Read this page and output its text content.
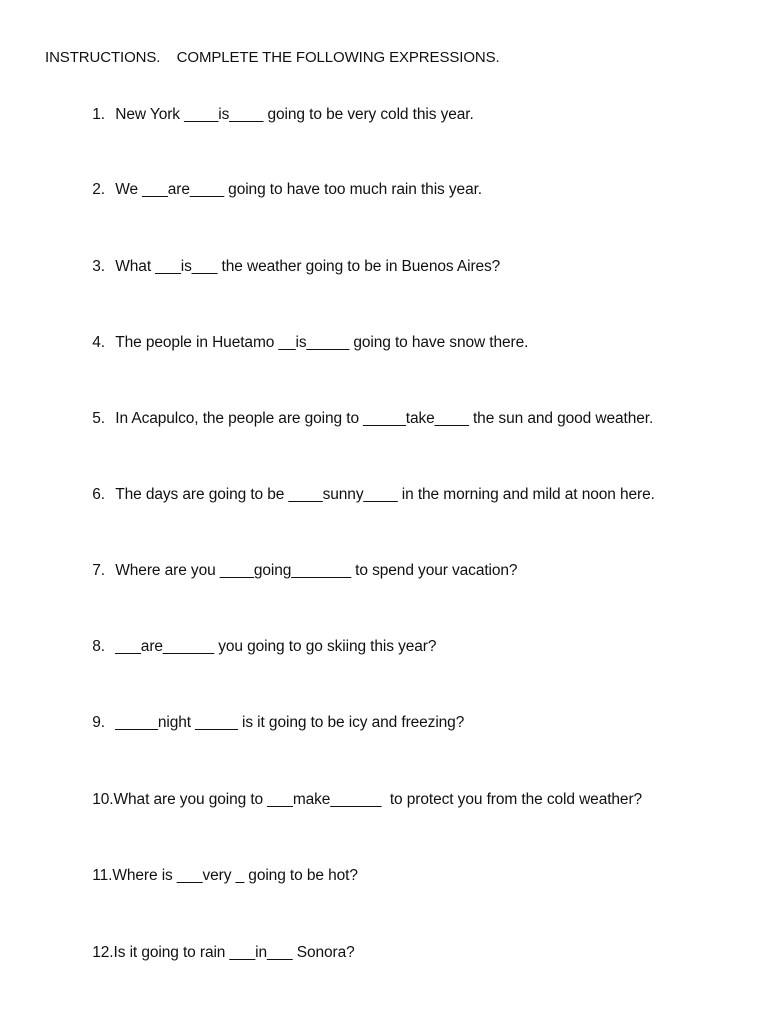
INSTRUCTIONS.    COMPLETE THE FOLLOWING EXPRESSIONS.

1. New York ____is____ going to be very cold this year.

2. We ___are____ going to have too much rain this year.

3. What ___is___ the weather going to be in Buenos Aires?

4. The people in Huetamo __is_____ going to have snow there.

5. In Acapulco, the people are going to _____take____ the sun and good weather.

6. The days are going to be ____sunny____ in the morning and mild at noon here.

7. Where are you ____going_______ to spend your vacation?

8. ___are______ you going to go skiing this year?

9. _____night _____ is it going to be icy and freezing?

10.What are you going to ___make______  to protect you from the cold weather?

11.Where is ___very _ going to be hot?

12.Is it going to rain ___in___ Sonora?
